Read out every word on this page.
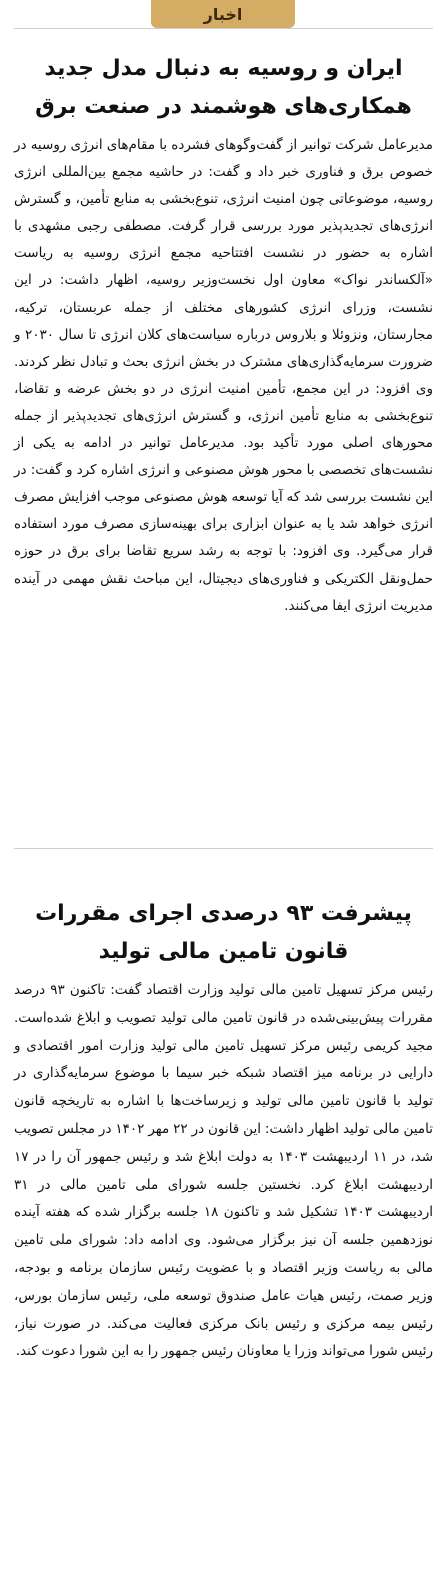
اخبار
ایران و روسیه به دنبال مدل جدید همکاری‌های هوشمند در صنعت برق

مدیرعامل شرکت توانیر از گفت‌وگوهای فشرده با مقام‌های انرژی روسیه در خصوص برق و فناوری خبر داد و گفت: در حاشیه مجمع بین‌المللی انرژی روسیه، موضوعاتی چون امنیت انرژی، تنوع‌بخشی به منابع تأمین، و گسترش انرژی‌های تجدیدپذیر مورد بررسی قرار گرفت. مصطفی رجبی مشهدی با اشاره به حضور در نشست افتتاحیه مجمع انرژی روسیه به ریاست «آلکساندر نواک» معاون اول نخست‌وزیر روسیه، اظهار داشت: در این نشست، وزرای انرژی کشورهای مختلف از جمله عربستان، ترکیه، مجارستان، ونزوئلا و بلاروس درباره سیاست‌های کلان انرژی تا سال ۲۰۳۰ و ضرورت سرمایه‌گذاری‌های مشترک در بخش انرژی بحث و تبادل نظر کردند. وی افزود: در این مجمع، تأمین امنیت انرژی در دو بخش عرضه و تقاضا، تنوع‌بخشی به منابع تأمین انرژی، و گسترش انرژی‌های تجدیدپذیر از جمله محورهای اصلی مورد تأکید بود. مدیرعامل توانیر در ادامه به یکی از نشست‌های تخصصی با محور هوش مصنوعی و انرژی اشاره کرد و گفت: در این نشست بررسی شد که آیا توسعه هوش مصنوعی موجب افزایش مصرف انرژی خواهد شد یا به عنوان ابزاری برای بهینه‌سازی مصرف مورد استفاده قرار می‌گیرد. وی افزود: با توجه به رشد سریع تقاضا برای برق در حوزه حمل‌ونقل الکتریکی و فناوری‌های دیجیتال، این مباحث نقش مهمی در آینده مدیریت انرژی ایفا می‌کنند.

پیشرفت ۹۳ درصدی اجرای مقررات قانون تامین مالی تولید

رئیس مرکز تسهیل تامین مالی تولید وزارت اقتصاد گفت: تاکنون ۹۳ درصد مقررات پیش‌بینی‌شده در قانون تامین مالی تولید تصویب و ابلاغ شده‌است. مجید کریمی رئیس مرکز تسهیل تامین مالی تولید وزارت امور اقتصادی و دارایی در برنامه میز اقتصاد شبکه خبر سیما با موضوع سرمایه‌گذاری در تولید با قانون تامین مالی تولید و زیرساخت‌ها با اشاره به تاریخچه قانون تامین مالی تولید اظهار داشت: این قانون در ۲۲ مهر ۱۴۰۲ در مجلس تصویب شد، در ۱۱ اردیبهشت ۱۴۰۳ به دولت ابلاغ شد و رئیس جمهور آن را در ۱۷ اردیبهشت ابلاغ کرد. نخستین جلسه شورای ملی تامین مالی در ۳۱ اردیبهشت ۱۴۰۳ تشکیل شد و تاکنون ۱۸ جلسه برگزار شده که هفته آینده نوزدهمین جلسه آن نیز برگزار می‌شود. وی ادامه داد: شورای ملی تامین مالی به ریاست وزیر اقتصاد و با عضویت رئیس سازمان برنامه و بودجه، وزیر صمت، رئیس هیات عامل صندوق توسعه ملی، رئیس سازمان بورس، رئیس بیمه مرکزی و رئیس بانک مرکزی فعالیت می‌کند. در صورت نیاز، رئیس شورا می‌تواند وزرا یا معاونان رئیس جمهور را به این شورا دعوت کند.
